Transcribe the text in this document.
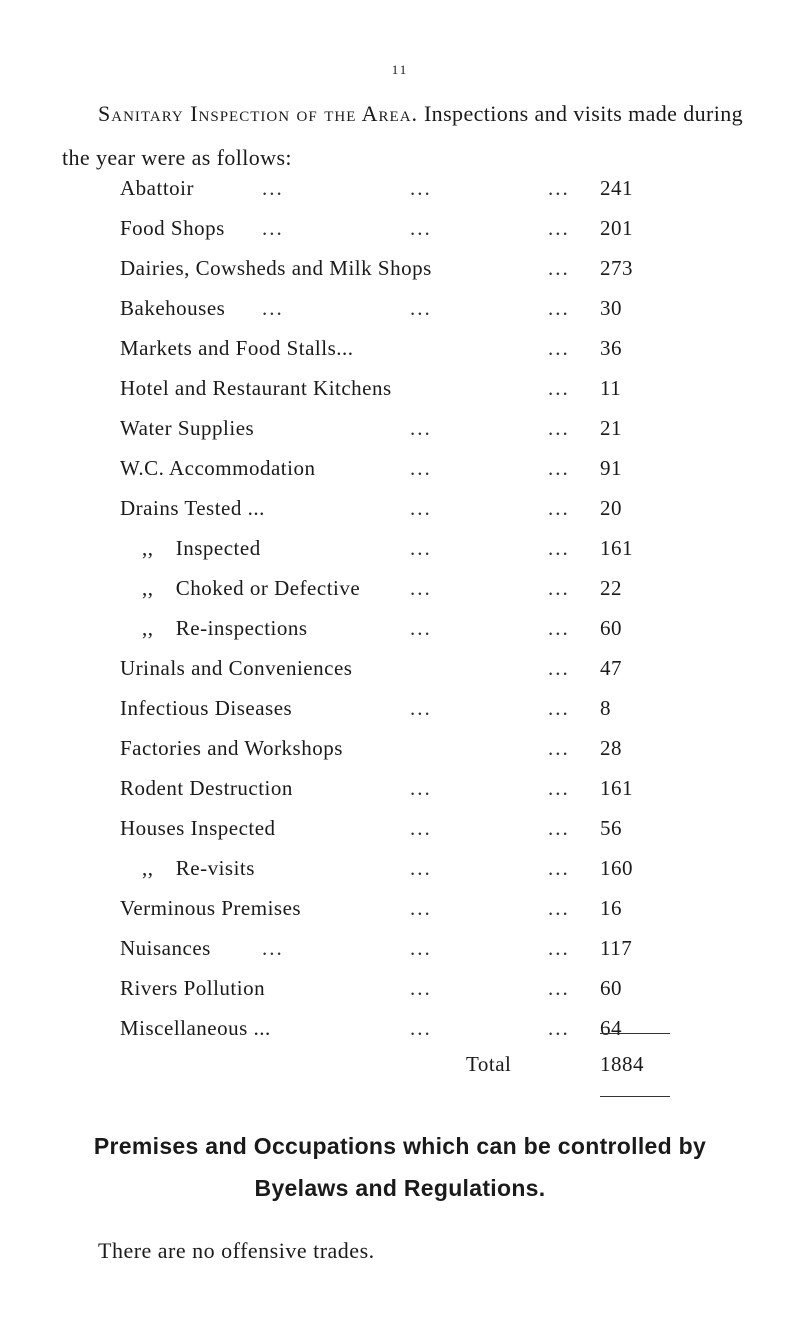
11

Sanitary Inspection of the Area. Inspections and visits made during the year were as follows:

Abattoir	...	...	... 241
Food Shops ...	...	... 201
Dairies, Cowsheds and Milk Shops	... 273
Bakehouses ...	...	... 30
Markets and Food Stalls...	... 36
Hotel and Restaurant Kitchens	... 11
Water Supplies	...	... 21
W.C. Accommodation	...	... 91
Drains Tested ...	...	... 20
,, Inspected	...	... 161
,, Choked or Defective ...	... 22
,, Re-inspections	...	... 60
Urinals and Conveniences	... 47
Infectious Diseases	...	... 8
Factories and Workshops	... 28
Rodent Destruction	...	... 161
Houses Inspected	...	... 56
,, Re-visits	...	... 160
Verminous Premises	...	... 16
Nuisances ...	...	... 117
Rivers Pollution	...	... 60
Miscellaneous ...	...	... 64
Total	1884
Premises and Occupations which can be controlled by
Byelaws and Regulations.
There are no offensive trades.
